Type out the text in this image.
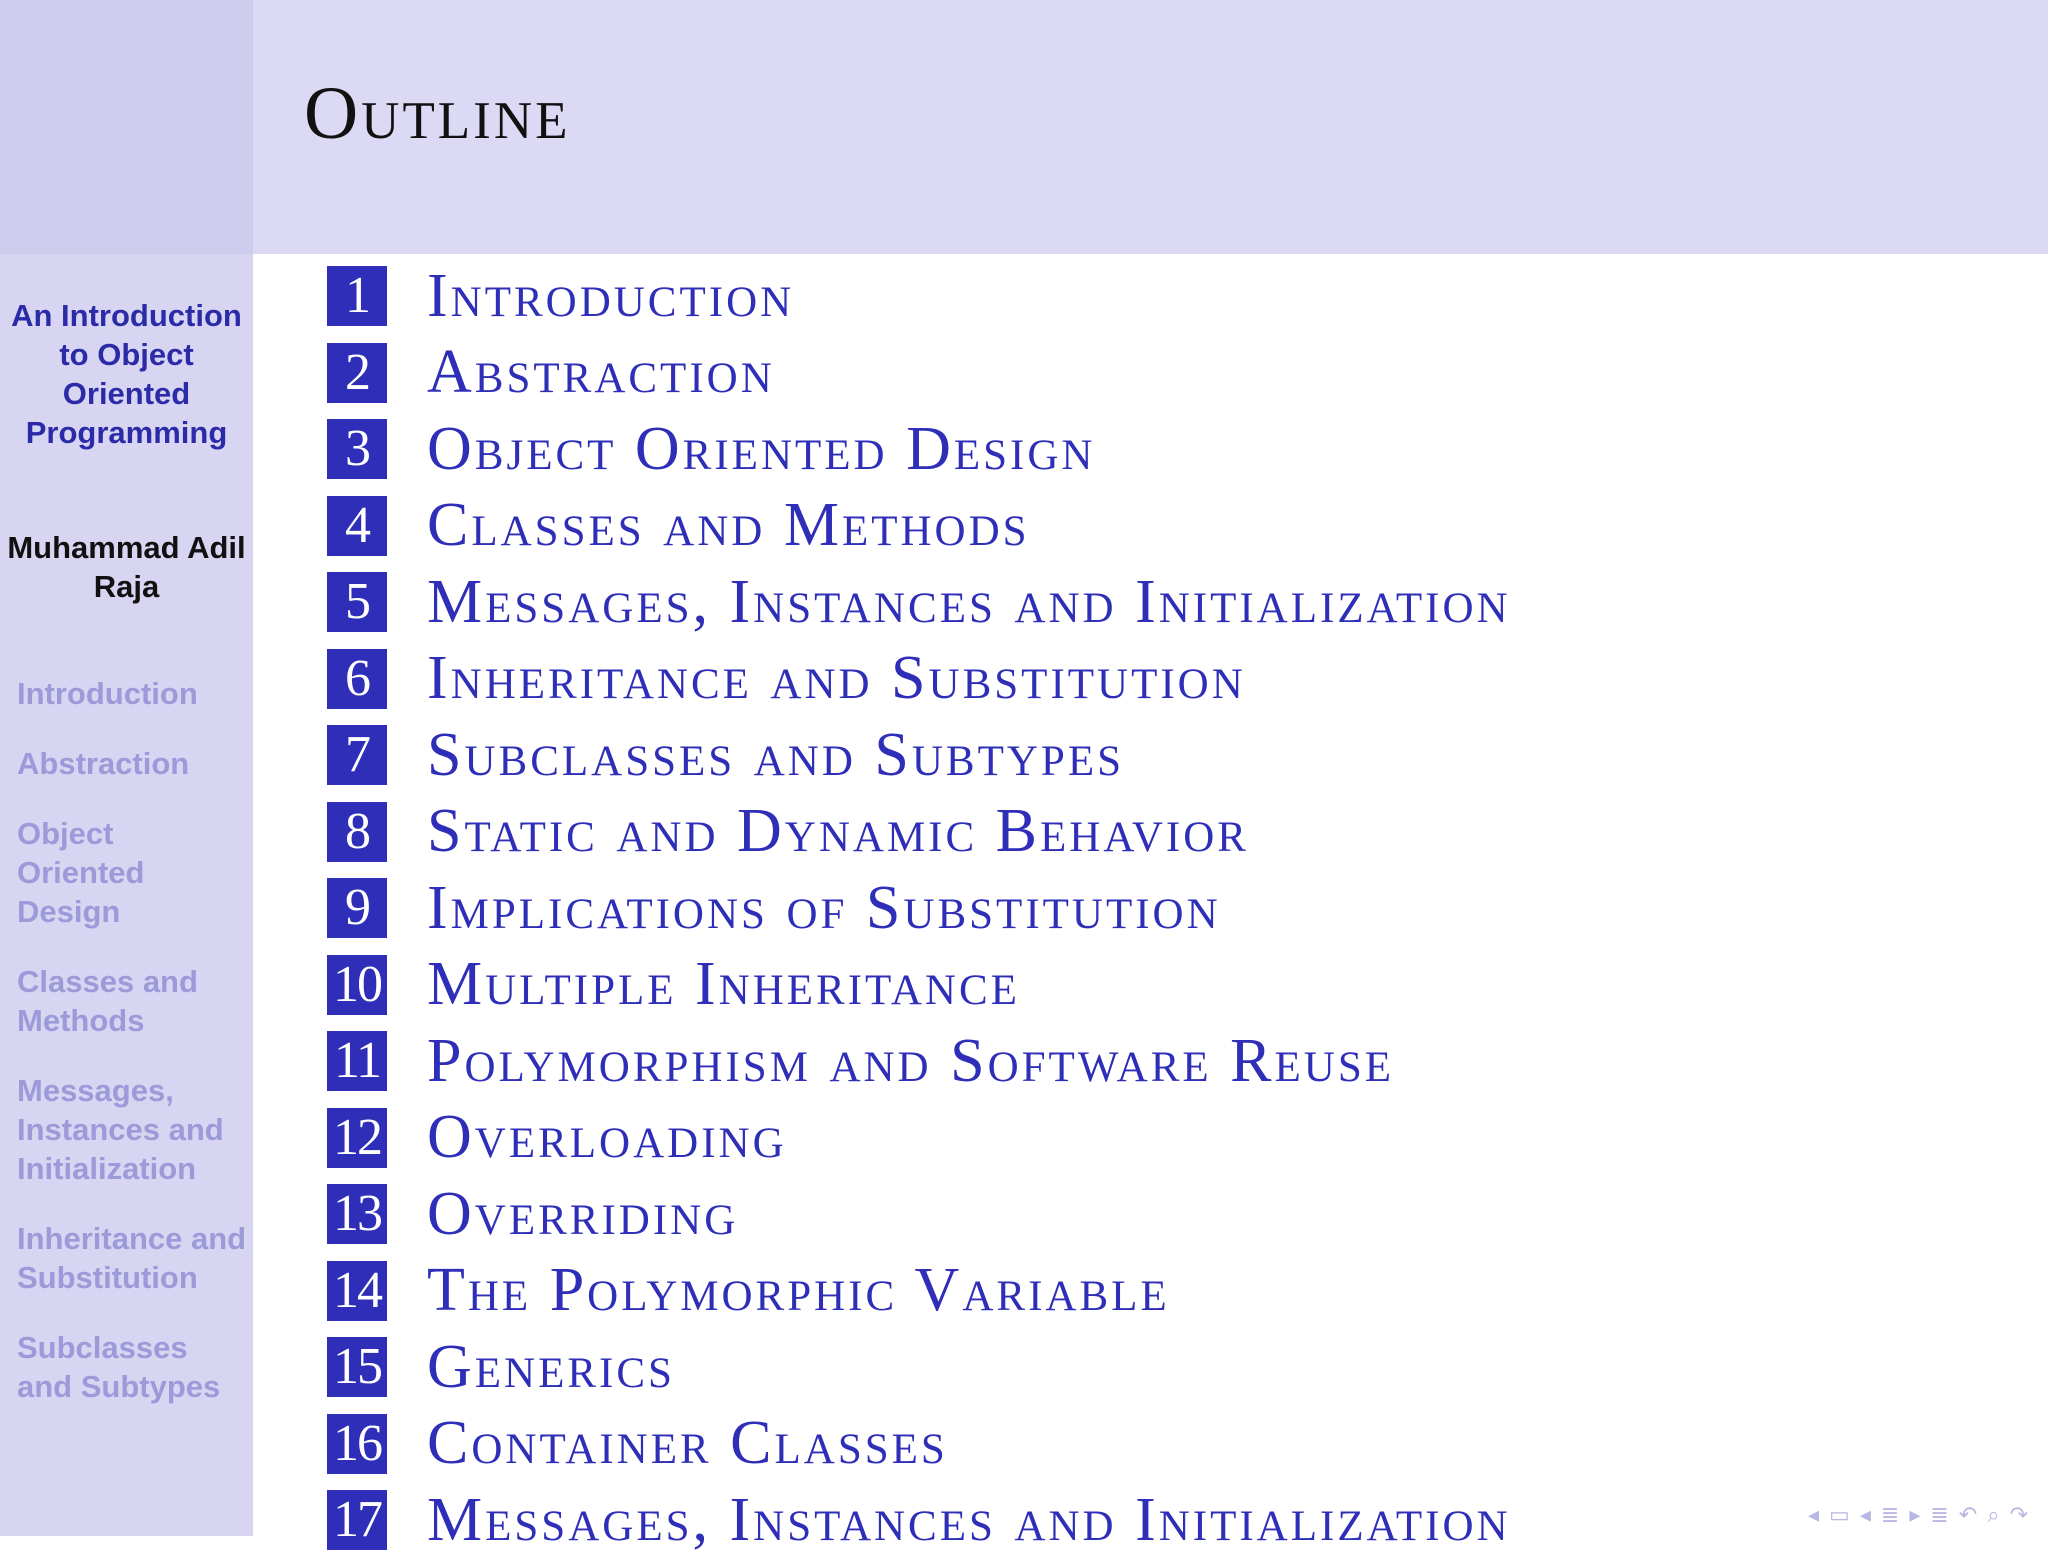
An Introduction to Object Oriented Programming
Muhammad Adil Raja
Introduction
Abstraction
Object Oriented Design
Classes and Methods
Messages, Instances and Initialization
Inheritance and Substitution
Subclasses and Subtypes
Outline
1 Introduction
2 Abstraction
3 Object Oriented Design
4 Classes and Methods
5 Messages, Instances and Initialization
6 Inheritance and Substitution
7 Subclasses and Subtypes
8 Static and Dynamic Behavior
9 Implications of Substitution
10 Multiple Inheritance
11 Polymorphism and Software Reuse
12 Overloading
13 Overriding
14 The Polymorphic Variable
15 Generics
16 Container Classes
17 Messages, Instances and Initialization	◂ ▭ ◂ ≣ ▸ ≣ ↶ ⌕ ↷
